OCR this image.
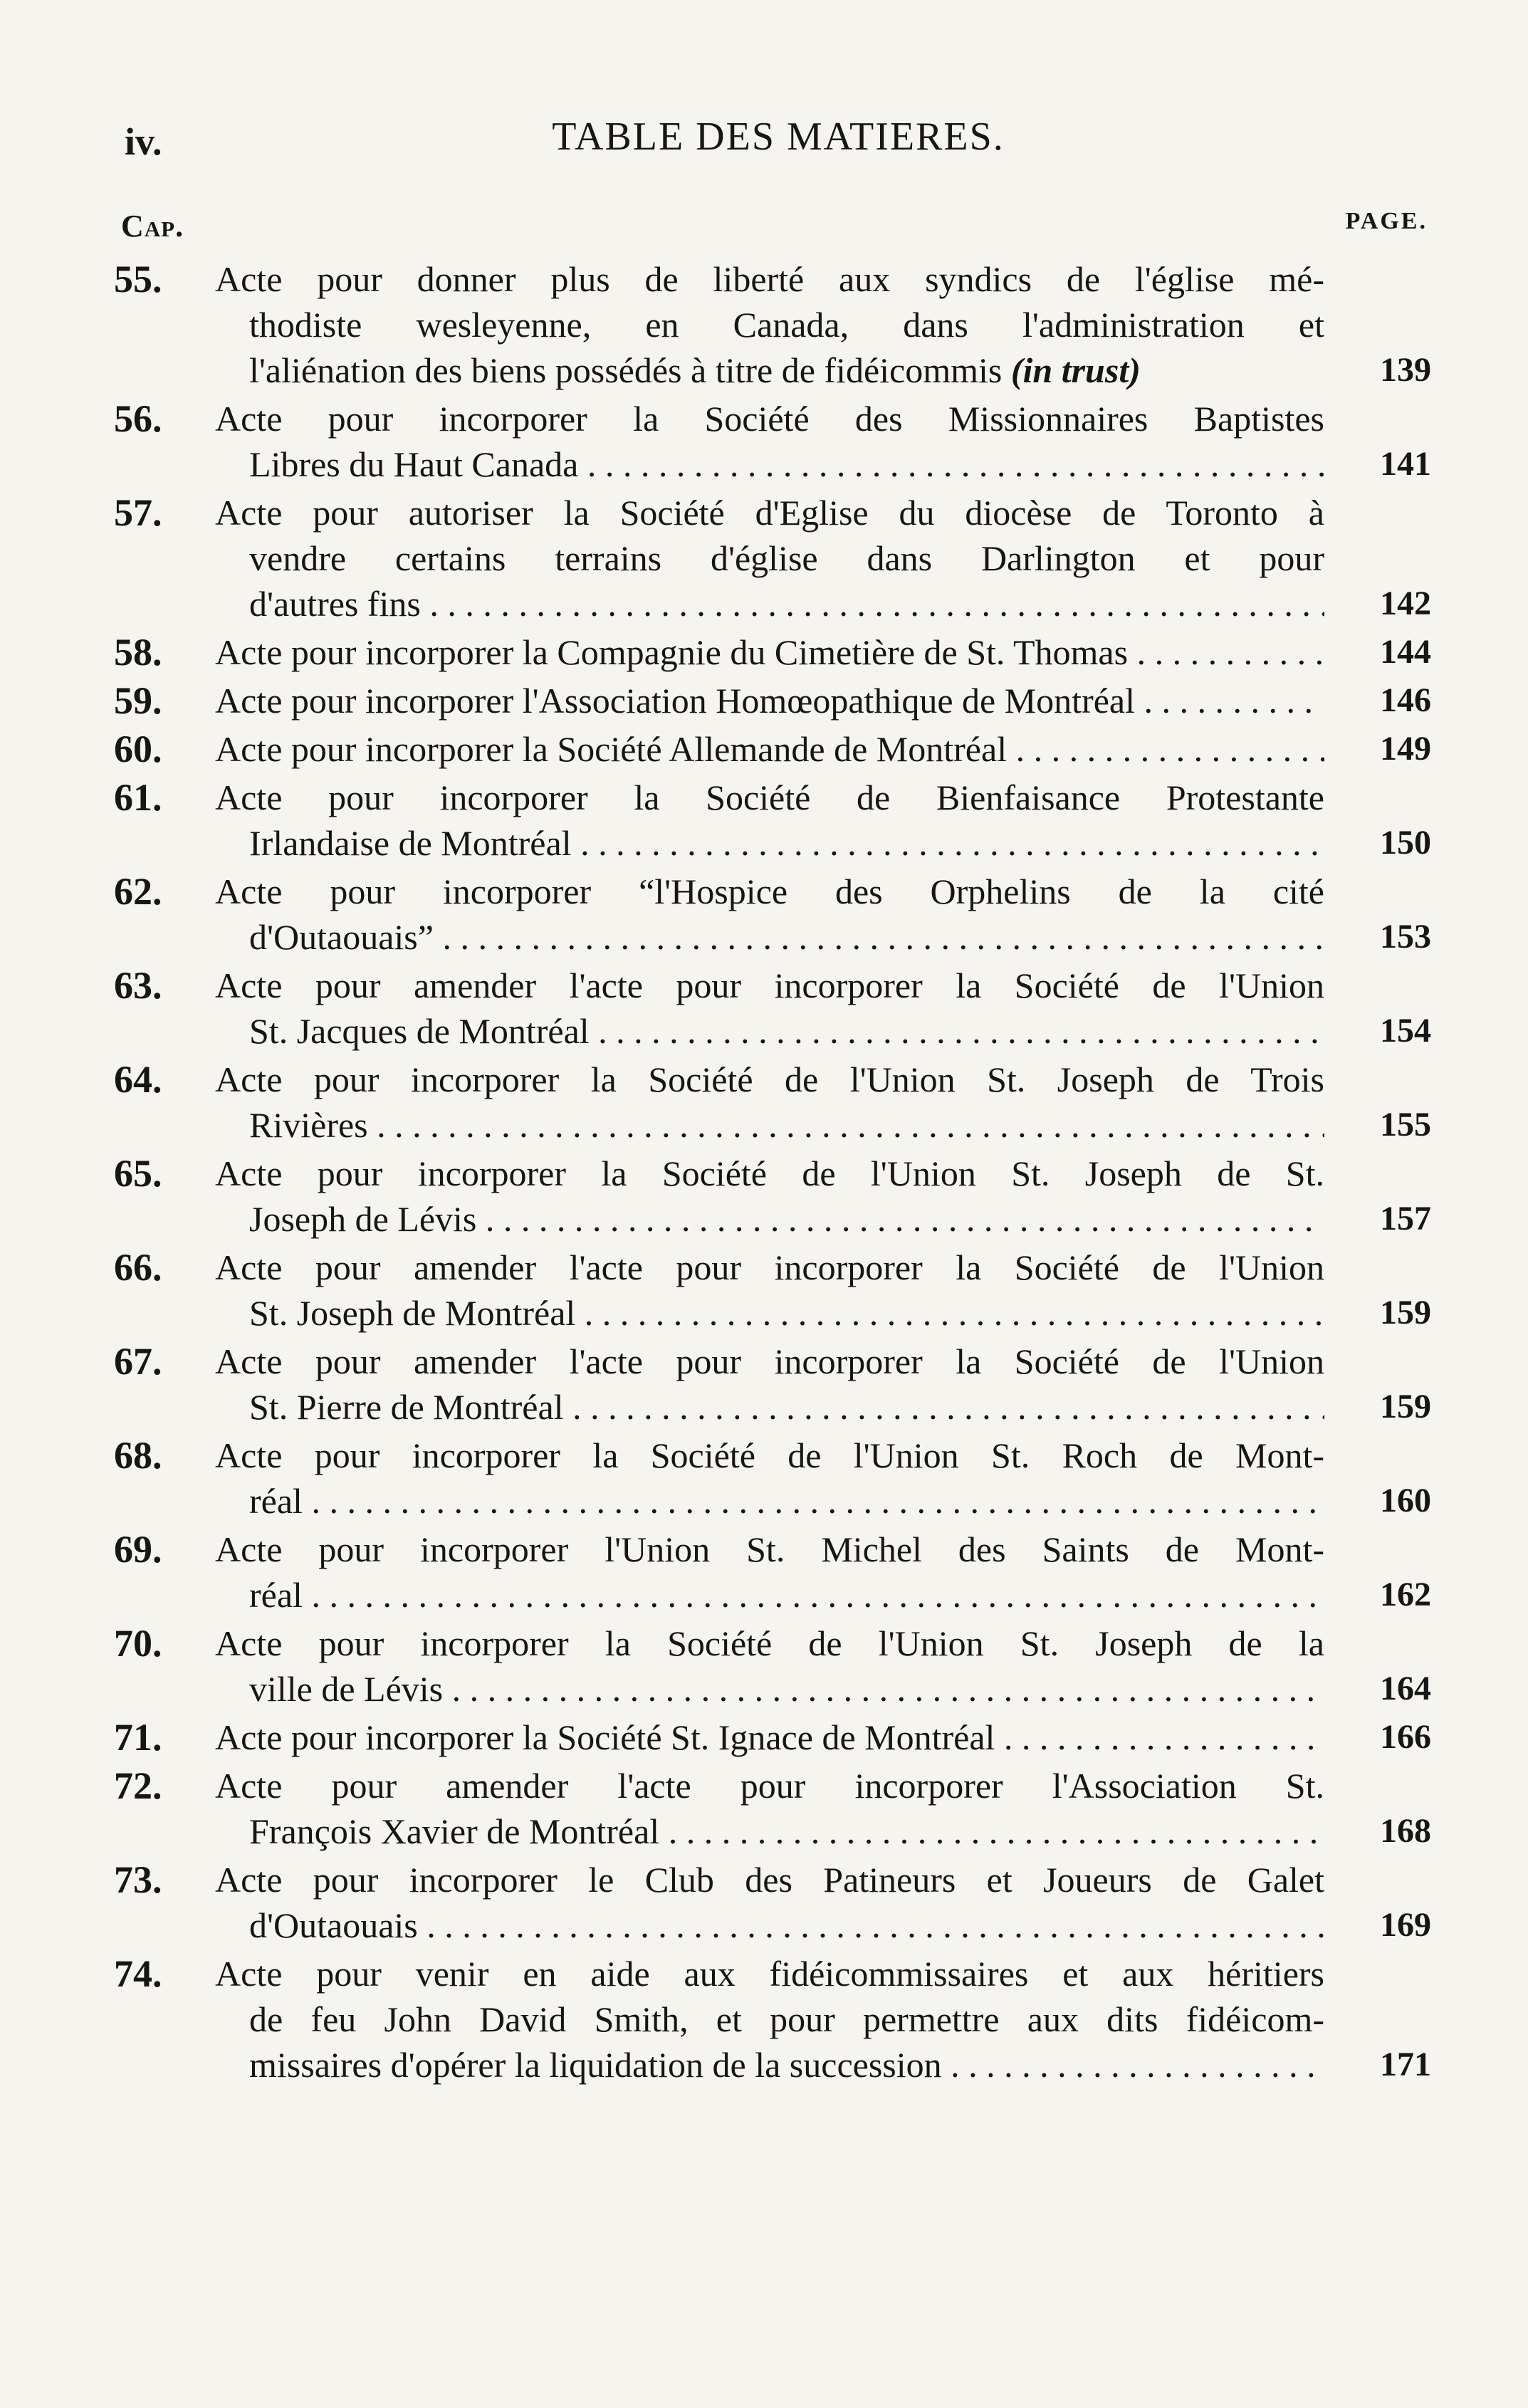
iv.	TABLE DES MATIERES.
Cap.	PAGE.
55.	Acte pour donner plus de liberté aux syndics de l'église mé-
thodiste wesleyenne, en Canada, dans l'administration et
l'aliénation des biens possédés à titre de fidéicommis (in trust)	139
56.	Acte pour incorporer la Société des Missionnaires Baptistes
Libres du Haut Canada . . .	141
57.	Acte pour autoriser la Société d'Eglise du diocèse de Toronto à
vendre certains terrains d'église dans Darlington et pour
d'autres fins . . .	142
58.	Acte pour incorporer la Compagnie du Cimetière de St. Thomas . . .	144
59.	Acte pour incorporer l'Association Homœopathique de Montréal . . .	146
60.	Acte pour incorporer la Société Allemande de Montréal . . .	149
61.	Acte pour incorporer la Société de Bienfaisance Protestante
Irlandaise de Montréal . . .	150
62.	Acte pour incorporer “l'Hospice des Orphelins de la cité
d'Outaouais” . . .	153
63.	Acte pour amender l'acte pour incorporer la Société de l'Union
St. Jacques de Montréal . . .	154
64.	Acte pour incorporer la Société de l'Union St. Joseph de Trois
Rivières . . .	155
65.	Acte pour incorporer la Société de l'Union St. Joseph de St.
Joseph de Lévis . . .	157
66.	Acte pour amender l'acte pour incorporer la Société de l'Union
St. Joseph de Montréal . . .	159
67.	Acte pour amender l'acte pour incorporer la Société de l'Union
St. Pierre de Montréal . . .	159
68.	Acte pour incorporer la Société de l'Union St. Roch de Mont-
réal . . .	160
69.	Acte pour incorporer l'Union St. Michel des Saints de Mont-
réal . . .	162
70.	Acte pour incorporer la Société de l'Union St. Joseph de la
ville de Lévis . . .	164
71.	Acte pour incorporer la Société St. Ignace de Montréal . . .	166
72.	Acte pour amender l'acte pour incorporer l'Association St.
François Xavier de Montréal . . .	168
73.	Acte pour incorporer le Club des Patineurs et Joueurs de Galet
d'Outaouais . . .	169
74.	Acte pour venir en aide aux fidéicommissaires et aux héritiers
de feu John David Smith, et pour permettre aux dits fidéicom-
missaires d'opérer la liquidation de la succession . . .	171
